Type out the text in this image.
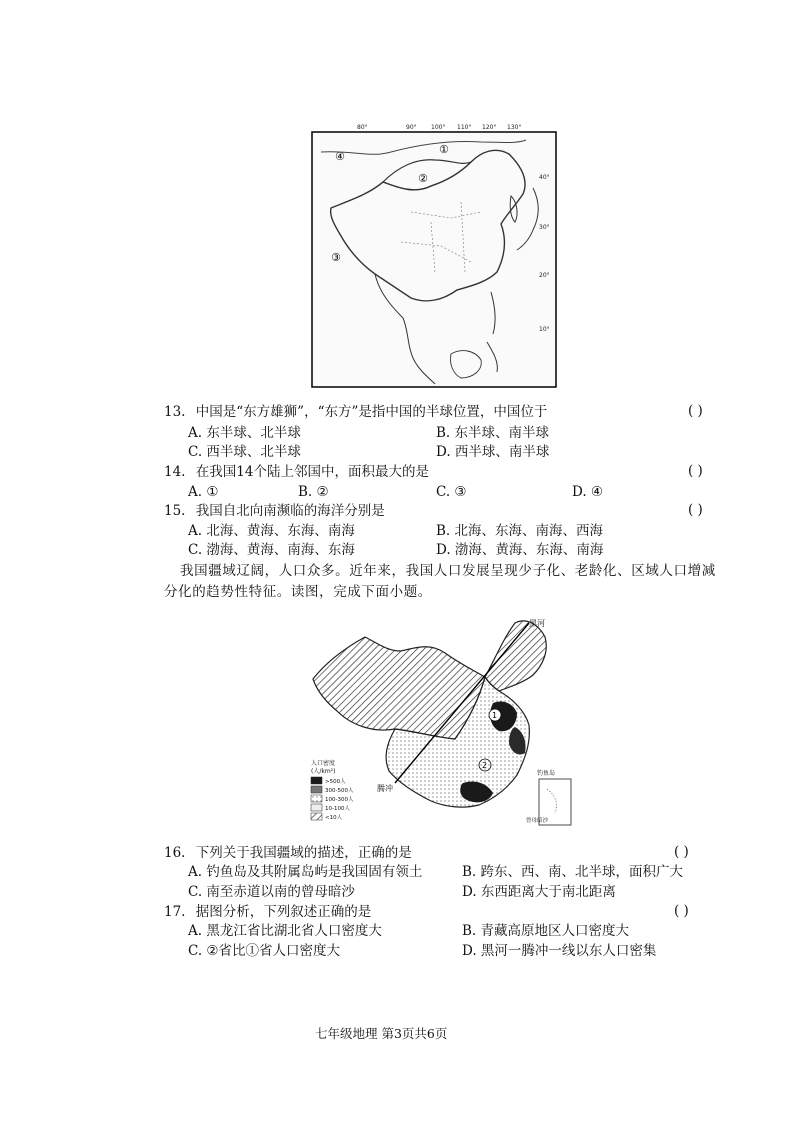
80°	90° 100° 110° 120° 130°
40°
30°
20°
10°
①
②
③
④
13. 中国是“东方雄狮”，“东方”是指中国的半球位置，中国位于	( )
A. 东半球、北半球	B. 东半球、南半球
C. 西半球、北半球	D. 西半球、南半球
14. 在我国14个陆上邻国中，面积最大的是	( )
A. ①	B. ②	C. ③	D. ④
15. 我国自北向南濒临的海洋分别是	( )
A. 北海、黄海、东海、南海	B. 北海、东海、南海、西海
C. 渤海、黄海、南海、东海	D. 渤海、黄海、东海、南海
我国疆域辽阔，人口众多。近年来，我国人口发展呈现少子化、老龄化、区域人口增减
分化的趋势性特征。读图，完成下面小题。
1
2
黑河
腾冲
钓鱼岛
曾母暗沙
人口密度
(人/km²)
>500人
300-500人
100-300人
10-100人
<10人
16. 下列关于我国疆域的描述，正确的是	( )
A. 钓鱼岛及其附属岛屿是我国固有领土	B. 跨东、西、南、北半球，面积广大
C. 南至赤道以南的曾母暗沙	D. 东西距离大于南北距离
17. 据图分析，下列叙述正确的是	( )
A. 黑龙江省比湖北省人口密度大	B. 青藏高原地区人口密度大
C. ②省比①省人口密度大	D. 黑河一腾冲一线以东人口密集
七年级地理 第3页共6页
